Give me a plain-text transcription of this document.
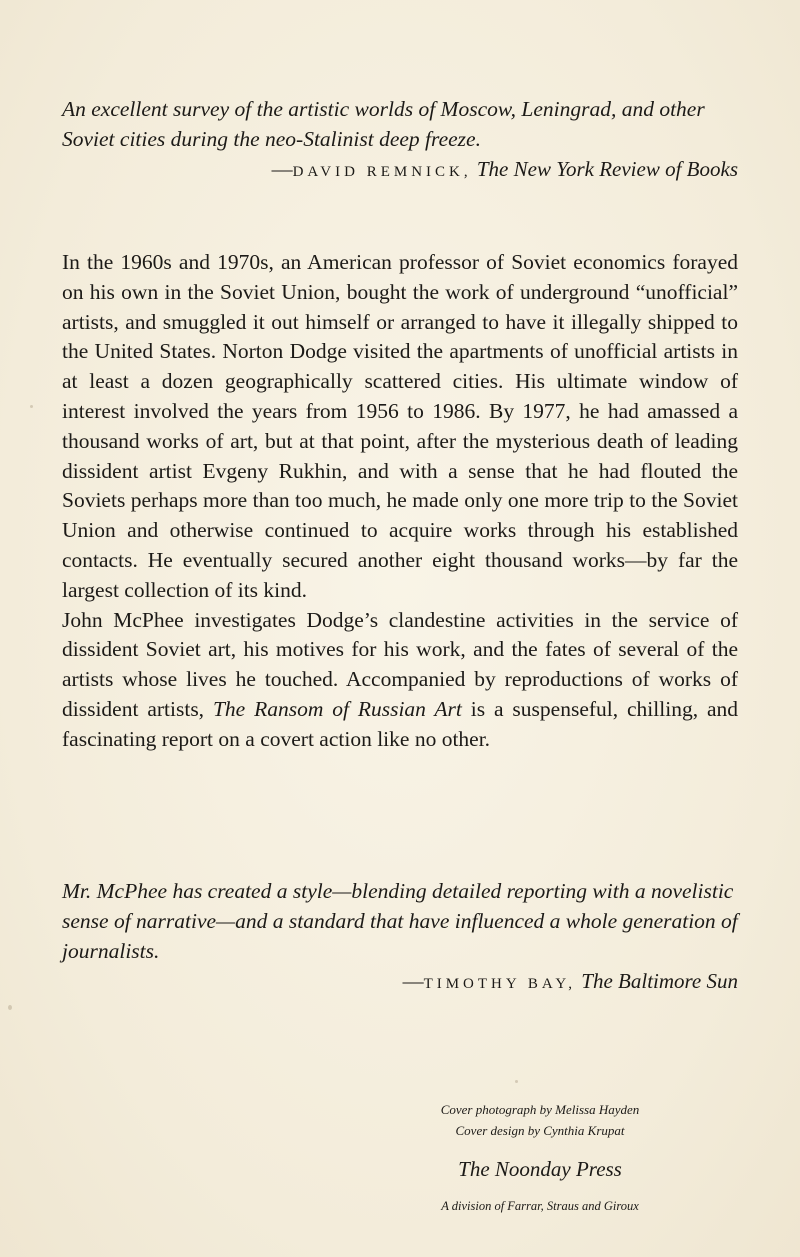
An excellent survey of the artistic worlds of Moscow, Leningrad, and other Soviet cities during the neo-Stalinist deep freeze.

—DAVID REMNICK, The New York Review of Books

In the 1960s and 1970s, an American professor of Soviet economics forayed on his own in the Soviet Union, bought the work of underground “unofficial” artists, and smuggled it out himself or arranged to have it illegally shipped to the United States. Norton Dodge visited the apartments of unofficial artists in at least a dozen geographically scattered cities. His ultimate window of interest involved the years from 1956 to 1986. By 1977, he had amassed a thousand works of art, but at that point, after the mysterious death of leading dissident artist Evgeny Rukhin, and with a sense that he had flouted the Soviets perhaps more than too much, he made only one more trip to the Soviet Union and otherwise continued to acquire works through his established contacts. He eventually secured another eight thousand works—by far the largest collection of its kind.

John McPhee investigates Dodge’s clandestine activities in the service of dissident Soviet art, his motives for his work, and the fates of several of the artists whose lives he touched. Accompanied by reproductions of works of dissident artists, The Ransom of Russian Art is a suspenseful, chilling, and fascinating report on a covert action like no other.

Mr. McPhee has created a style—blending detailed reporting with a novelistic sense of narrative—and a standard that have influenced a whole generation of journalists.

—TIMOTHY BAY, The Baltimore Sun

Cover photograph by Melissa Hayden

Cover design by Cynthia Krupat

The Noonday Press

A division of Farrar, Straus and Giroux
